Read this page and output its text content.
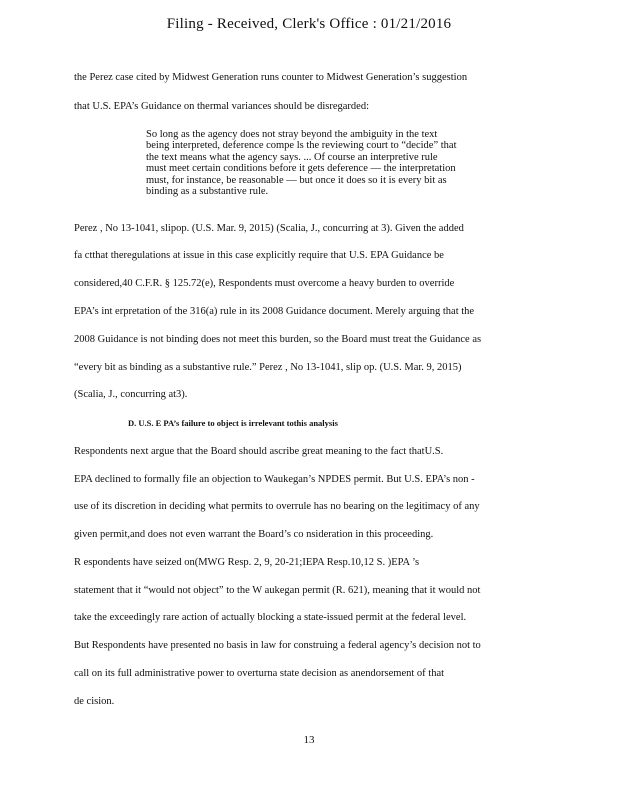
Filing - Received, Clerk's Office : 01/21/2016
the Perez case cited by Midwest Generation runs counter to Midwest Generation’s suggestion
that U.S. EPA’s Guidance on thermal variances should be disregarded:
So long as the agency does not stray beyond the ambiguity in the text
being interpreted, deference compe ls the reviewing court to “decide” that
the text means what the agency says. ... Of course an interpretive rule
must meet certain conditions before it gets deference — the interpretation
must, for instance, be reasonable — but once it does so it is every bit as
binding as a substantive rule.
Perez , No 13-1041, slipop. (U.S. Mar. 9, 2015) (Scalia, J., concurring at 3). Given the added
fa ctthat theregulations at issue in this case explicitly require that U.S. EPA Guidance be
considered,40 C.F.R. § 125.72(e), Respondents must overcome a heavy burden to override
EPA’s int erpretation of the 316(a) rule in its 2008 Guidance document. Merely arguing that the
2008 Guidance is not binding does not meet this burden, so the Board must treat the Guidance as
“every bit as binding as a substantive rule.” Perez , No 13-1041, slip op. (U.S. Mar. 9, 2015)
(Scalia, J., concurring at3).
D. U.S. E PA’s failure to object is irrelevant tothis analysis
Respondents next argue that the Board should ascribe great meaning to the fact thatU.S.
EPA declined to formally file an objection to Waukegan’s NPDES permit. But U.S. EPA’s non -
use of its discretion in deciding what permits to overrule has no bearing on the legitimacy of any
given permit,and does not even warrant the Board’s co nsideration in this proceeding.
R espondents have seized on(MWG Resp. 2, 9, 20-21;IEPA Resp.10,12 S. )EPA ’s
statement that it “would not object” to the W aukegan permit (R. 621), meaning that it would not
take the exceedingly rare action of actually blocking a state-issued permit at the federal level.
But Respondents have presented no basis in law for construing a federal agency’s decision not to
call on its full administrative power to overturna state decision as anendorsement of that
de cision.
13
